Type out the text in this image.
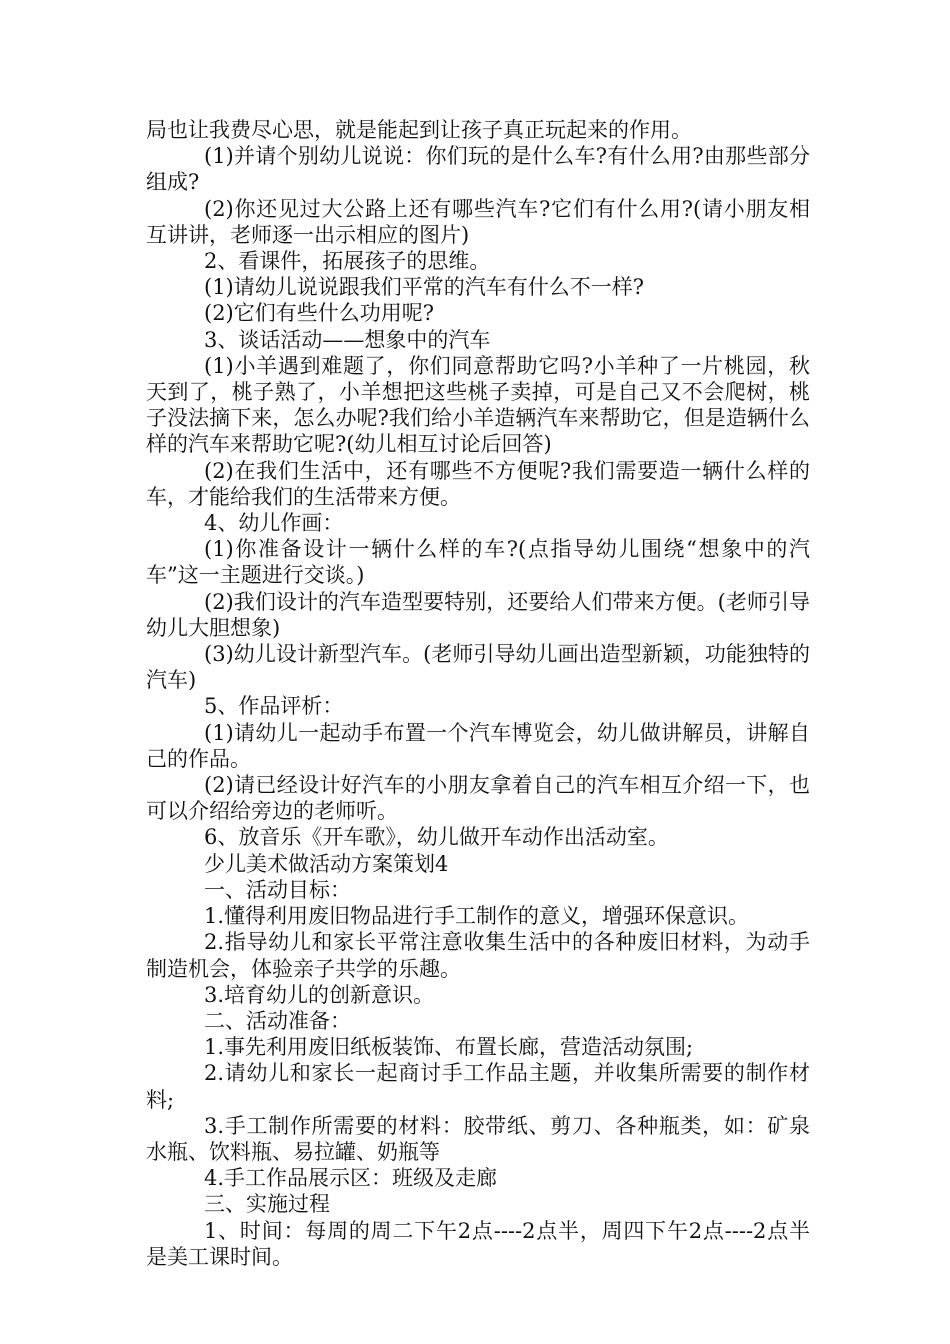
局也让我费尽心思，就是能起到让孩子真正玩起来的作用。

(1)并请个别幼儿说说：你们玩的是什么车?有什么用?由那些部分组成?

(2)你还见过大公路上还有哪些汽车?它们有什么用?(请小朋友相互讲讲，老师逐一出示相应的图片)

2、看课件，拓展孩子的思维。

(1)请幼儿说说跟我们平常的汽车有什么不一样?

(2)它们有些什么功用呢?

3、谈话活动——想象中的汽车

(1)小羊遇到难题了，你们同意帮助它吗?小羊种了一片桃园，秋天到了，桃子熟了，小羊想把这些桃子卖掉，可是自己又不会爬树，桃子没法摘下来，怎么办呢?我们给小羊造辆汽车来帮助它，但是造辆什么样的汽车来帮助它呢?(幼儿相互讨论后回答)

(2)在我们生活中，还有哪些不方便呢?我们需要造一辆什么样的车，才能给我们的生活带来方便。

4、幼儿作画：

(1)你准备设计一辆什么样的车?(点指导幼儿围绕“想象中的汽车”这一主题进行交谈。)

(2)我们设计的汽车造型要特别，还要给人们带来方便。(老师引导幼儿大胆想象)

(3)幼儿设计新型汽车。(老师引导幼儿画出造型新颖，功能独特的汽车)

5、作品评析：

(1)请幼儿一起动手布置一个汽车博览会，幼儿做讲解员，讲解自己的作品。

(2)请已经设计好汽车的小朋友拿着自己的汽车相互介绍一下，也可以介绍给旁边的老师听。

6、放音乐《开车歌》，幼儿做开车动作出活动室。

少儿美术做活动方案策划4

一、活动目标：

1.懂得利用废旧物品进行手工制作的意义，增强环保意识。

2.指导幼儿和家长平常注意收集生活中的各种废旧材料，为动手制造机会，体验亲子共学的乐趣。

3.培育幼儿的创新意识。

二、活动准备：

1.事先利用废旧纸板装饰、布置长廊，营造活动氛围;

2.请幼儿和家长一起商讨手工作品主题，并收集所需要的制作材料;

3.手工制作所需要的材料：胶带纸、剪刀、各种瓶类，如：矿泉水瓶、饮料瓶、易拉罐、奶瓶等

4.手工作品展示区：班级及走廊

三、实施过程

1、时间：每周的周二下午2点----2点半，周四下午2点----2点半是美工课时间。
